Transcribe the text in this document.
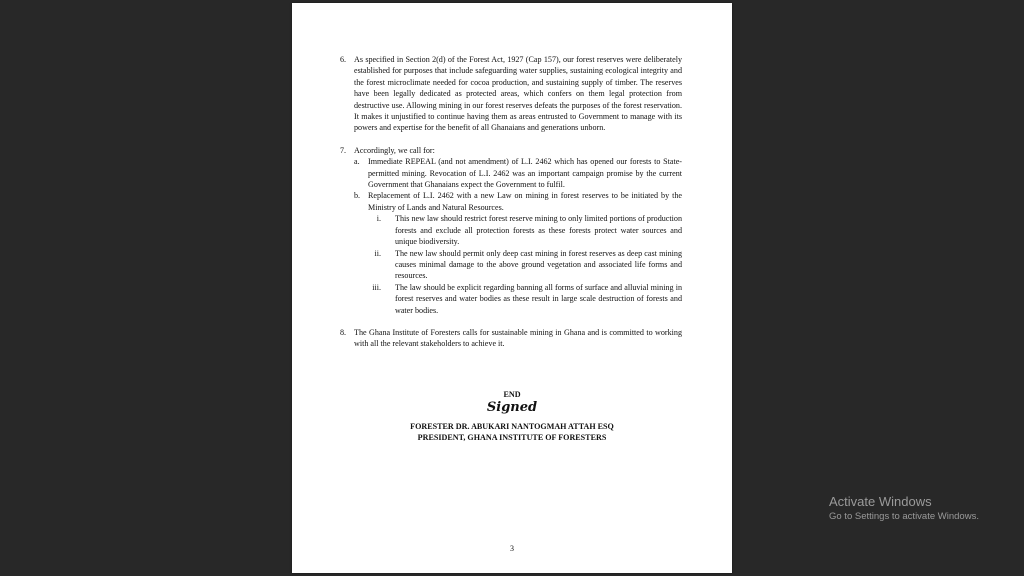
6. As specified in Section 2(d) of the Forest Act, 1927 (Cap 157), our forest reserves were deliberately established for purposes that include safeguarding water supplies, sustaining ecological integrity and the forest microclimate needed for cocoa production, and sustaining supply of timber. The reserves have been legally dedicated as protected areas, which confers on them legal protection from destructive use. Allowing mining in our forest reserves defeats the purposes of the forest reservation. It makes it unjustified to continue having them as areas entrusted to Government to manage with its powers and expertise for the benefit of all Ghanaians and generations unborn.
7. Accordingly, we call for:
a.	Immediate REPEAL (and not amendment) of L.I. 2462 which has opened our forests to State-permitted mining. Revocation of L.I. 2462 was an important campaign promise by the current Government that Ghanaians expect the Government to fulfil.
b. Replacement of L.I. 2462 with a new Law on mining in forest reserves to be initiated by the Ministry of Lands and Natural Resources.
i.	This new law should restrict forest reserve mining to only limited portions of production forests and exclude all protection forests as these forests protect water sources and unique biodiversity.
ii.	The new law should permit only deep cast mining in forest reserves as deep cast mining causes minimal damage to the above ground vegetation and associated life forms and resources.
iii.	The law should be explicit regarding banning all forms of surface and alluvial mining in forest reserves and water bodies as these result in large scale destruction of forests and water bodies.
8. The Ghana Institute of Foresters calls for sustainable mining in Ghana and is committed to working with all the relevant stakeholders to achieve it.
END
Signed
FORESTER DR. ABUKARI NANTOGMAH ATTAH ESQ
PRESIDENT, GHANA INSTITUTE OF FORESTERS
3
Activate Windows
Go to Settings to activate Windows.
